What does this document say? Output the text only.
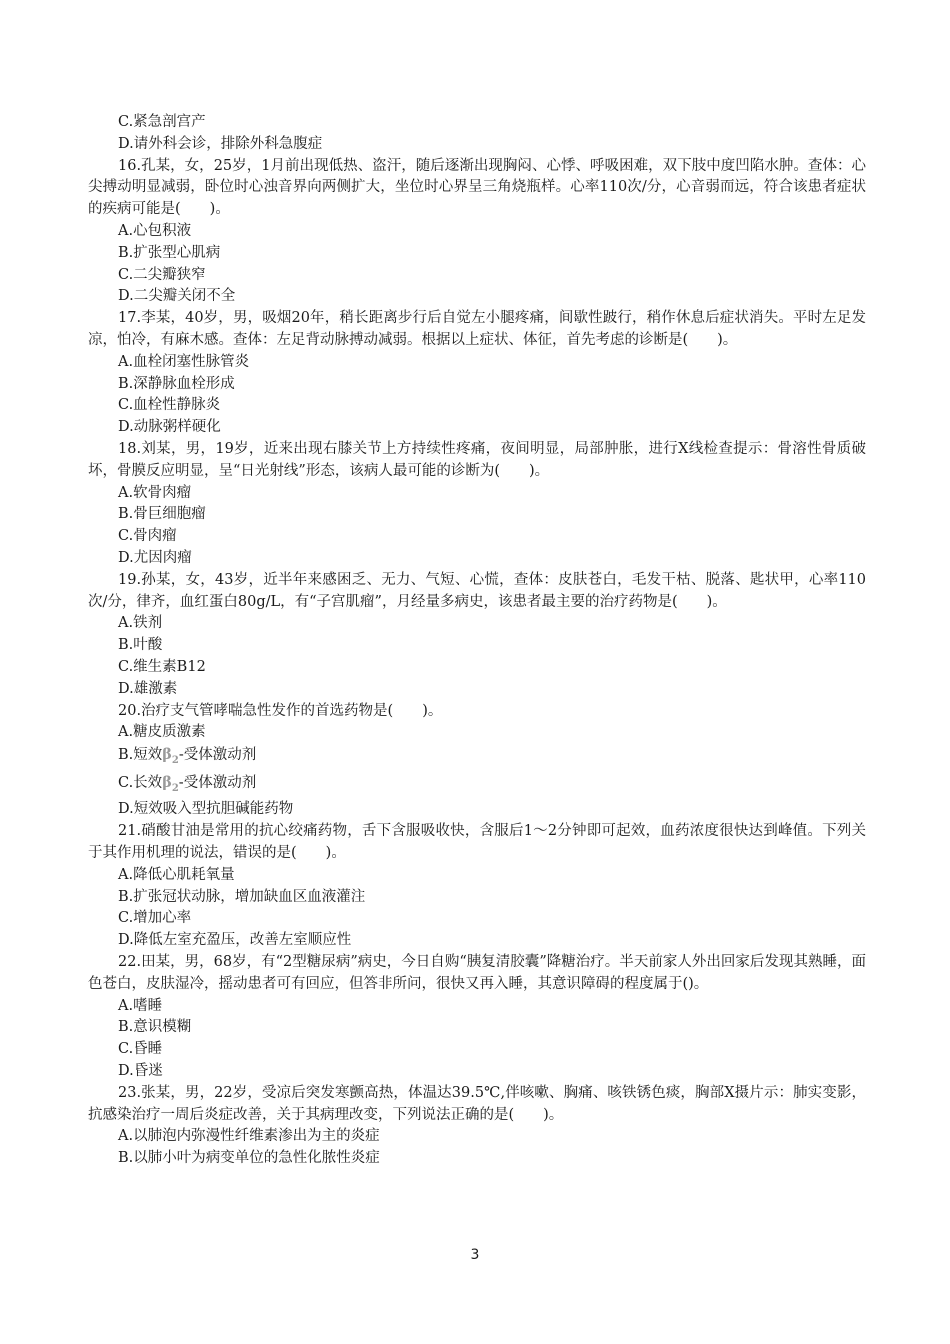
C.紧急剖宫产

D.请外科会诊，排除外科急腹症

16.孔某，女，25岁，1月前出现低热、盗汗，随后逐渐出现胸闷、心悸、呼吸困难，双下肢中度凹陷水肿。查体：心尖搏动明显减弱，卧位时心浊音界向两侧扩大，坐位时心界呈三角烧瓶样。心率110次/分，心音弱而远，符合该患者症状的疾病可能是(　　)。

A.心包积液

B.扩张型心肌病

C.二尖瓣狭窄

D.二尖瓣关闭不全

17.李某，40岁，男，吸烟20年，稍长距离步行后自觉左小腿疼痛，间歇性跛行，稍作休息后症状消失。平时左足发凉，怕冷，有麻木感。查体：左足背动脉搏动减弱。根据以上症状、体征，首先考虑的诊断是(　　)。

A.血栓闭塞性脉管炎

B.深静脉血栓形成

C.血栓性静脉炎

D.动脉粥样硬化

18.刘某，男，19岁，近来出现右膝关节上方持续性疼痛，夜间明显，局部肿胀，进行X线检查提示：骨溶性骨质破坏，骨膜反应明显，呈“日光射线”形态，该病人最可能的诊断为(　　)。

A.软骨肉瘤

B.骨巨细胞瘤

C.骨肉瘤

D.尤因肉瘤

19.孙某，女，43岁，近半年来感困乏、无力、气短、心慌，查体：皮肤苍白，毛发干枯、脱落、匙状甲，心率110次/分，律齐，血红蛋白80g/L，有“子宫肌瘤”，月经量多病史，该患者最主要的治疗药物是(　　)。

A.铁剂

B.叶酸

C.维生素B12

D.雄激素

20.治疗支气管哮喘急性发作的首选药物是(　　)。

A.糖皮质激素

B.短效$\beta_2-$受体激动剂

C.长效$\beta_2-$受体激动剂

D.短效吸入型抗胆碱能药物

21.硝酸甘油是常用的抗心绞痛药物，舌下含服吸收快，含服后1～2分钟即可起效，血药浓度很快达到峰值。下列关于其作用机理的说法，错误的是(　　)。

A.降低心肌耗氧量

B.扩张冠状动脉，增加缺血区血液灌注

C.增加心率

D.降低左室充盈压，改善左室顺应性

22.田某，男，68岁，有“2型糖尿病”病史，今日自购“胰复清胶囊”降糖治疗。半天前家人外出回家后发现其熟睡，面色苍白，皮肤湿冷，摇动患者可有回应，但答非所问，很快又再入睡，其意识障碍的程度属于()。

A.嗜睡

B.意识模糊

C.昏睡

D.昏迷

23.张某，男，22岁，受凉后突发寒颤高热，体温达39.5℃,伴咳嗽、胸痛、咳铁锈色痰，胸部X摄片示：肺实变影，抗感染治疗一周后炎症改善，关于其病理改变，下列说法正确的是(　　)。

A.以肺泡内弥漫性纤维素渗出为主的炎症

B.以肺小叶为病变单位的急性化脓性炎症

3
